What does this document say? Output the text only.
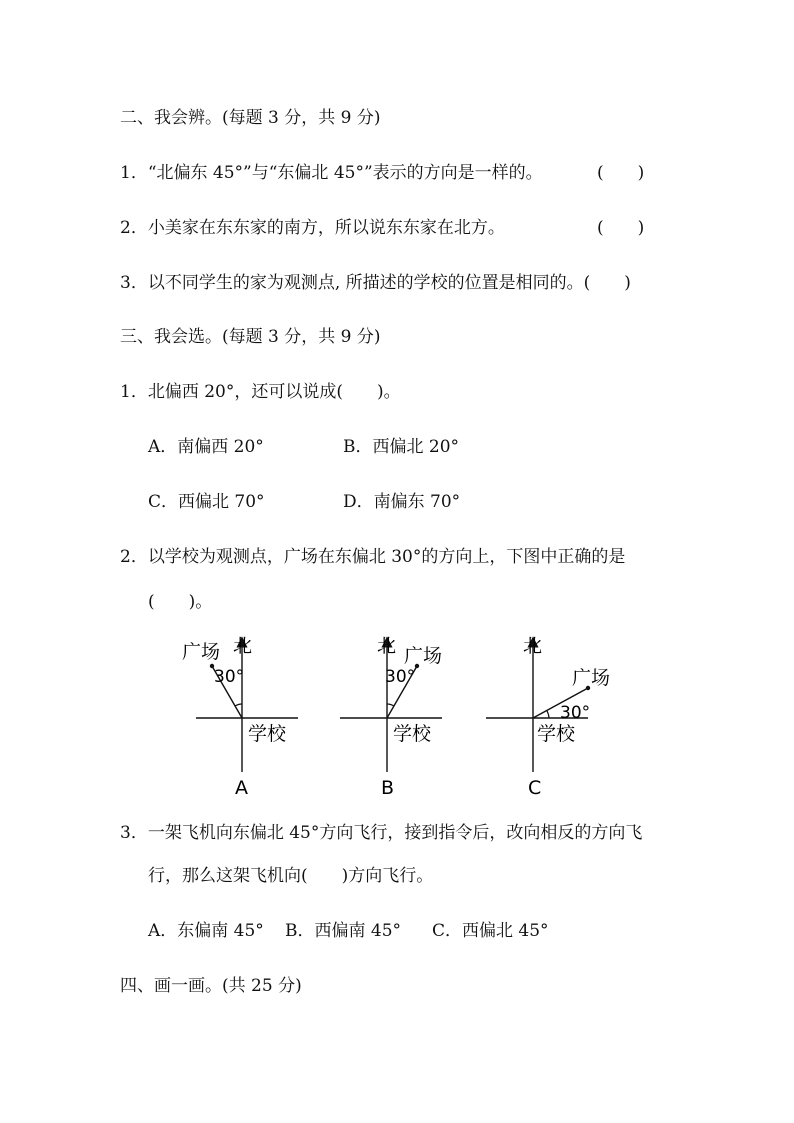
二、我会辨。(每题 3 分，共 9 分)
1．“北偏东 45°”与“东偏北 45°”表示的方向是一样的。	(　　)
2．小美家在东东家的南方，所以说东东家在北方。	(　　)
3．以不同学生的家为观测点, 所描述的学校的位置是相同的。(　　)
三、我会选。(每题 3 分，共 9 分)
1．北偏西 20°，还可以说成(　　)。
A．南偏西 20°	B．西偏北 20°
C．西偏北 70°	D．南偏东 70°
2．以学校为观测点，广场在东偏北 30°的方向上，下图中正确的是
(　　)。
北
广场
30°
学校
A
北 广场
30°
学校
B
北
广场
30°
学校
C
3．一架飞机向东偏北 45°方向飞行，接到指令后，改向相反的方向飞
行，那么这架飞机向(　　)方向飞行。
A．东偏南 45° B．西偏南 45° C．西偏北 45°
四、画一画。(共 25 分)
